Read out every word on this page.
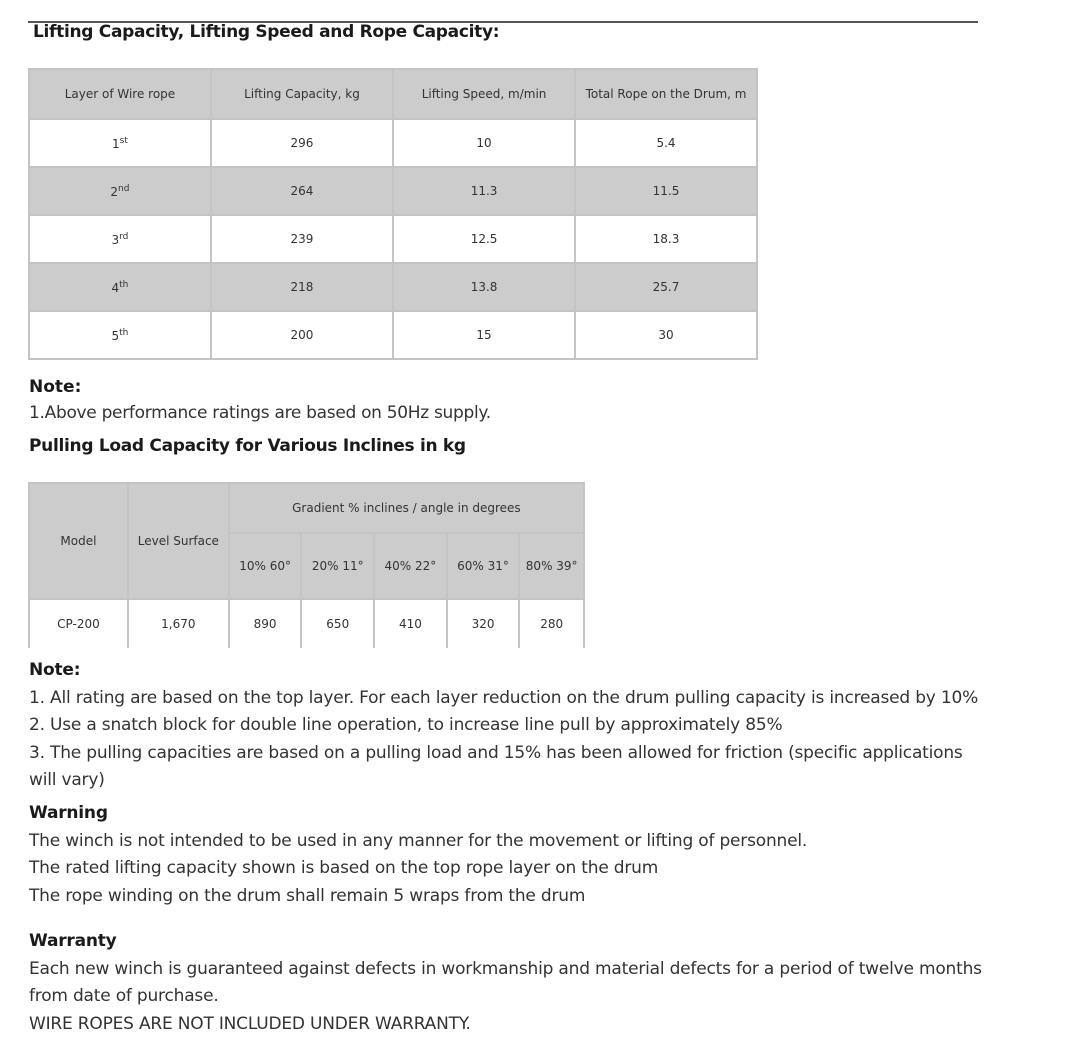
Lifting Capacity, Lifting Speed and Rope Capacity:
Layer of Wire rope	Lifting Capacity, kg	Lifting Speed, m/min	Total Rope on the Drum, m
1st	296	10	5.4
2nd	264	11.3	11.5
3rd	239	12.5	18.3
4th	218	13.8	25.7
5th	200	15	30
Note:
1.Above performance ratings are based on 50Hz supply.
Pulling Load Capacity for Various Inclines in kg
Model	Level Surface	Gradient % inclines / angle in degrees				
		10% 60°	20% 11°	40% 22°	60% 31°	80% 39°
CP-200	1,670	890	650	410	320	280
Note:
1. All rating are based on the top layer. For each layer reduction on the drum pulling capacity is increased by 10%
2. Use a snatch block for double line operation, to increase line pull by approximately 85%
3. The pulling capacities are based on a pulling load and 15% has been allowed for friction (specific applications will vary)
Warning
The winch is not intended to be used in any manner for the movement or lifting of personnel.
The rated lifting capacity shown is based on the top rope layer on the drum
The rope winding on the drum shall remain 5 wraps from the drum
Warranty
Each new winch is guaranteed against defects in workmanship and material defects for a period of twelve months from date of purchase.
WIRE ROPES ARE NOT INCLUDED UNDER WARRANTY.
